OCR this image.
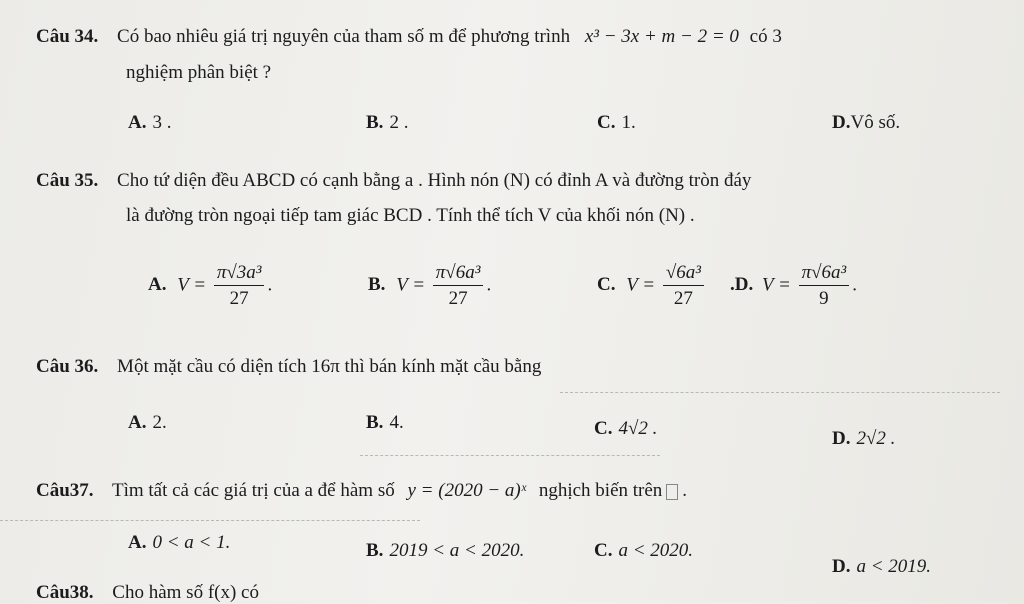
Câu 34. Có bao nhiêu giá trị nguyên của tham số m để phương trình x³ − 3x + m − 2 = 0 có 3
nghiệm phân biệt ?
A. 3 .	B. 2 .	C. 1.	D.Vô số.
Câu 35. Cho tứ diện đều ABCD có cạnh bằng a . Hình nón (N) có đỉnh A và đường tròn đáy
là đường tròn ngoại tiếp tam giác BCD . Tính thể tích V của khối nón (N) .
A. $V = \frac{\text{π√3a³}}{27}$ .	B. $V = \frac{\text{π√6a³}}{27}$ .	C. $V = \frac{\text{√6a³}}{27} .D$. $V = \frac{\text{π√6a³}}{9}$ .
Câu 36. Một mặt cầu có diện tích 16π thì bán kính mặt cầu bằng
A. 2.	B. 4.	C. 4√2 .	D. 2√2 .
Câu37. Tìm tất cả các giá trị của a để hàm số y = (2020 − a)ˣ nghịch biến trên .
A. 0 < a < 1.	B. 2019 < a < 2020.	C. a < 2020.
D. a < 2019.
Câu38. Cho hàm số f(x) có
